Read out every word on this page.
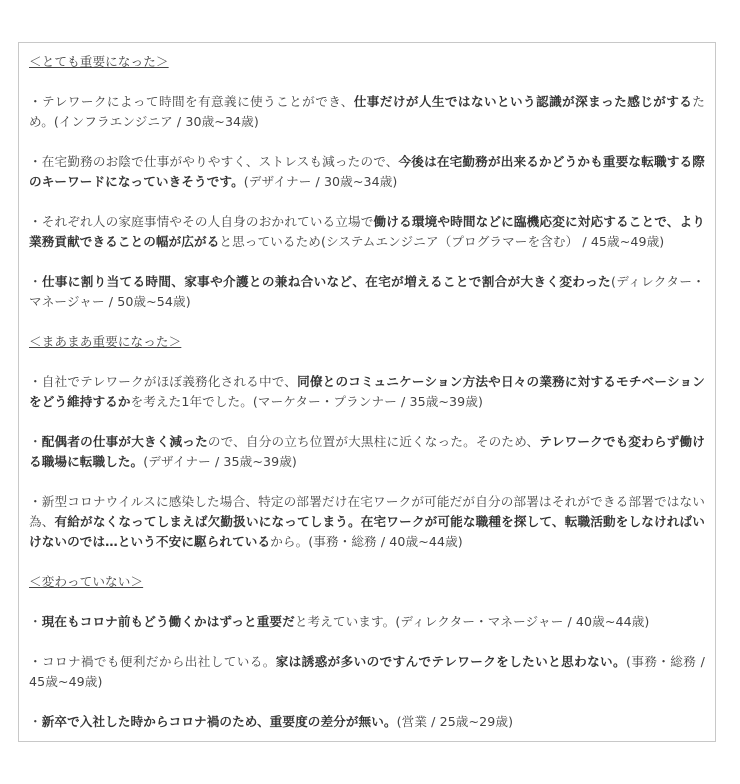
＜とても重要になった＞

・テレワークによって時間を有意義に使うことができ、仕事だけが人生ではないという認識が深まった感じがするため。(インフラエンジニア / 30歳~34歳)

・在宅勤務のお陰で仕事がやりやすく、ストレスも減ったので、今後は在宅勤務が出来るかどうかも重要な転職する際のキーワードになっていきそうです。(デザイナー / 30歳~34歳)

・それぞれ人の家庭事情やその人自身のおかれている立場で働ける環境や時間などに臨機応変に対応することで、より業務貢献できることの幅が広がると思っているため(システムエンジニア（プログラマーを含む） / 45歳~49歳)

・仕事に割り当てる時間、家事や介護との兼ね合いなど、在宅が増えることで割合が大きく変わった(ディレクター・マネージャー / 50歳~54歳)

＜まあまあ重要になった＞

・自社でテレワークがほぼ義務化される中で、同僚とのコミュニケーション方法や日々の業務に対するモチベーションをどう維持するかを考えた1年でした。(マーケター・プランナー / 35歳~39歳)

・配偶者の仕事が大きく減ったので、自分の立ち位置が大黒柱に近くなった。そのため、テレワークでも変わらず働ける職場に転職した。(デザイナー / 35歳~39歳)

・新型コロナウイルスに感染した場合、特定の部署だけ在宅ワークが可能だが自分の部署はそれができる部署ではない為、有給がなくなってしまえば欠勤扱いになってしまう。在宅ワークが可能な職種を探して、転職活動をしなければいけないのでは…という不安に駆られているから。(事務・総務 / 40歳~44歳)

＜変わっていない＞

・現在もコロナ前もどう働くかはずっと重要だと考えています。(ディレクター・マネージャー / 40歳~44歳)

・コロナ禍でも便利だから出社している。家は誘惑が多いのですんでテレワークをしたいと思わない。(事務・総務 / 45歳~49歳)

・新卒で入社した時からコロナ禍のため、重要度の差分が無い。(営業 / 25歳~29歳)
